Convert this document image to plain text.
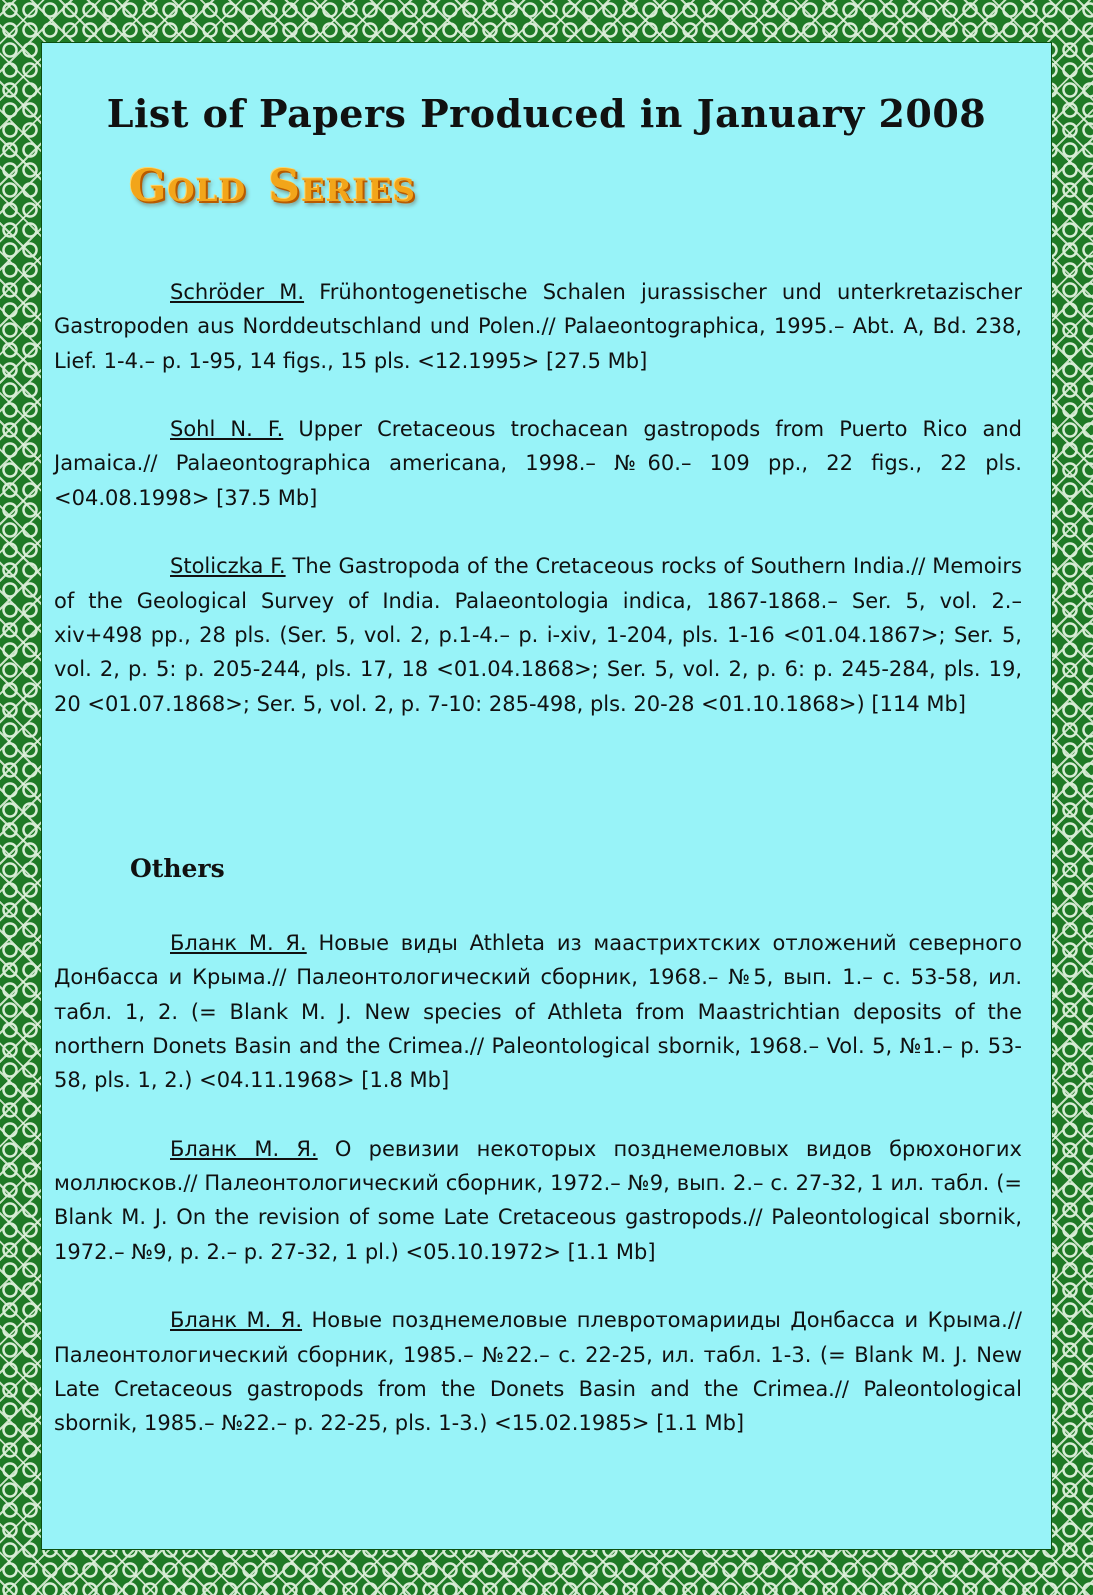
List of Papers Produced in January 2008
Gold Series

Schröder M. Frühontogenetische Schalen jurassischer und unterkretazischer Gastropoden aus Norddeutschland und Polen.// Palaeontographica, 1995.– Abt. A, Bd. 238, Lief. 1-4.– p. 1-95, 14 figs., 15 pls. <12.1995> [27.5 Mb]

Sohl N. F. Upper Cretaceous trochacean gastropods from Puerto Rico and Jamaica.// Palaeontographica americana, 1998.– №60.– 109 pp., 22 figs., 22 pls. <04.08.1998> [37.5 Mb]

Stoliczka F. The Gastropoda of the Cretaceous rocks of Southern India.// Memoirs of the Geological Survey of India. Palaeontologia indica, 1867-1868.– Ser. 5, vol. 2.– xiv+498 pp., 28 pls. (Ser. 5, vol. 2, p.1-4.– p. i-xiv, 1-204, pls. 1-16 <01.04.1867>; Ser. 5, vol. 2, p. 5: p. 205-244, pls. 17, 18 <01.04.1868>; Ser. 5, vol. 2, p. 6: p. 245-284, pls. 19, 20 <01.07.1868>; Ser. 5, vol. 2, p. 7-10: 285-498, pls. 20-28 <01.10.1868>) [114 Mb]

Others

Бланк М. Я. Новые виды Athleta из маастрихтских отложений северного Донбасса и Крыма.// Палеонтологический сборник, 1968.– №5, вып. 1.– с. 53-58, ил. табл. 1, 2. (= Blank M. J. New species of Athleta from Maastrichtian deposits of the northern Donets Basin and the Crimea.// Paleontological sbornik, 1968.– Vol. 5, №1.– p. 53-58, pls. 1, 2.) <04.11.1968> [1.8 Mb]

Бланк М. Я. О ревизии некоторых позднемеловых видов брюхоногих моллюсков.// Палеонтологический сборник, 1972.– №9, вып. 2.– с. 27-32, 1 ил. табл. (= Blank M. J. On the revision of some Late Cretaceous gastropods.// Paleontological sbornik, 1972.– №9, p. 2.– p. 27-32, 1 pl.) <05.10.1972> [1.1 Mb]

Бланк М. Я. Новые позднемеловые плевротомарииды Донбасса и Крыма.// Палеонтологический сборник, 1985.– №22.– с. 22-25, ил. табл. 1-3. (= Blank M. J. New Late Cretaceous gastropods from the Donets Basin and the Crimea.// Paleontological sbornik, 1985.– №22.– p. 22-25, pls. 1-3.) <15.02.1985> [1.1 Mb]
